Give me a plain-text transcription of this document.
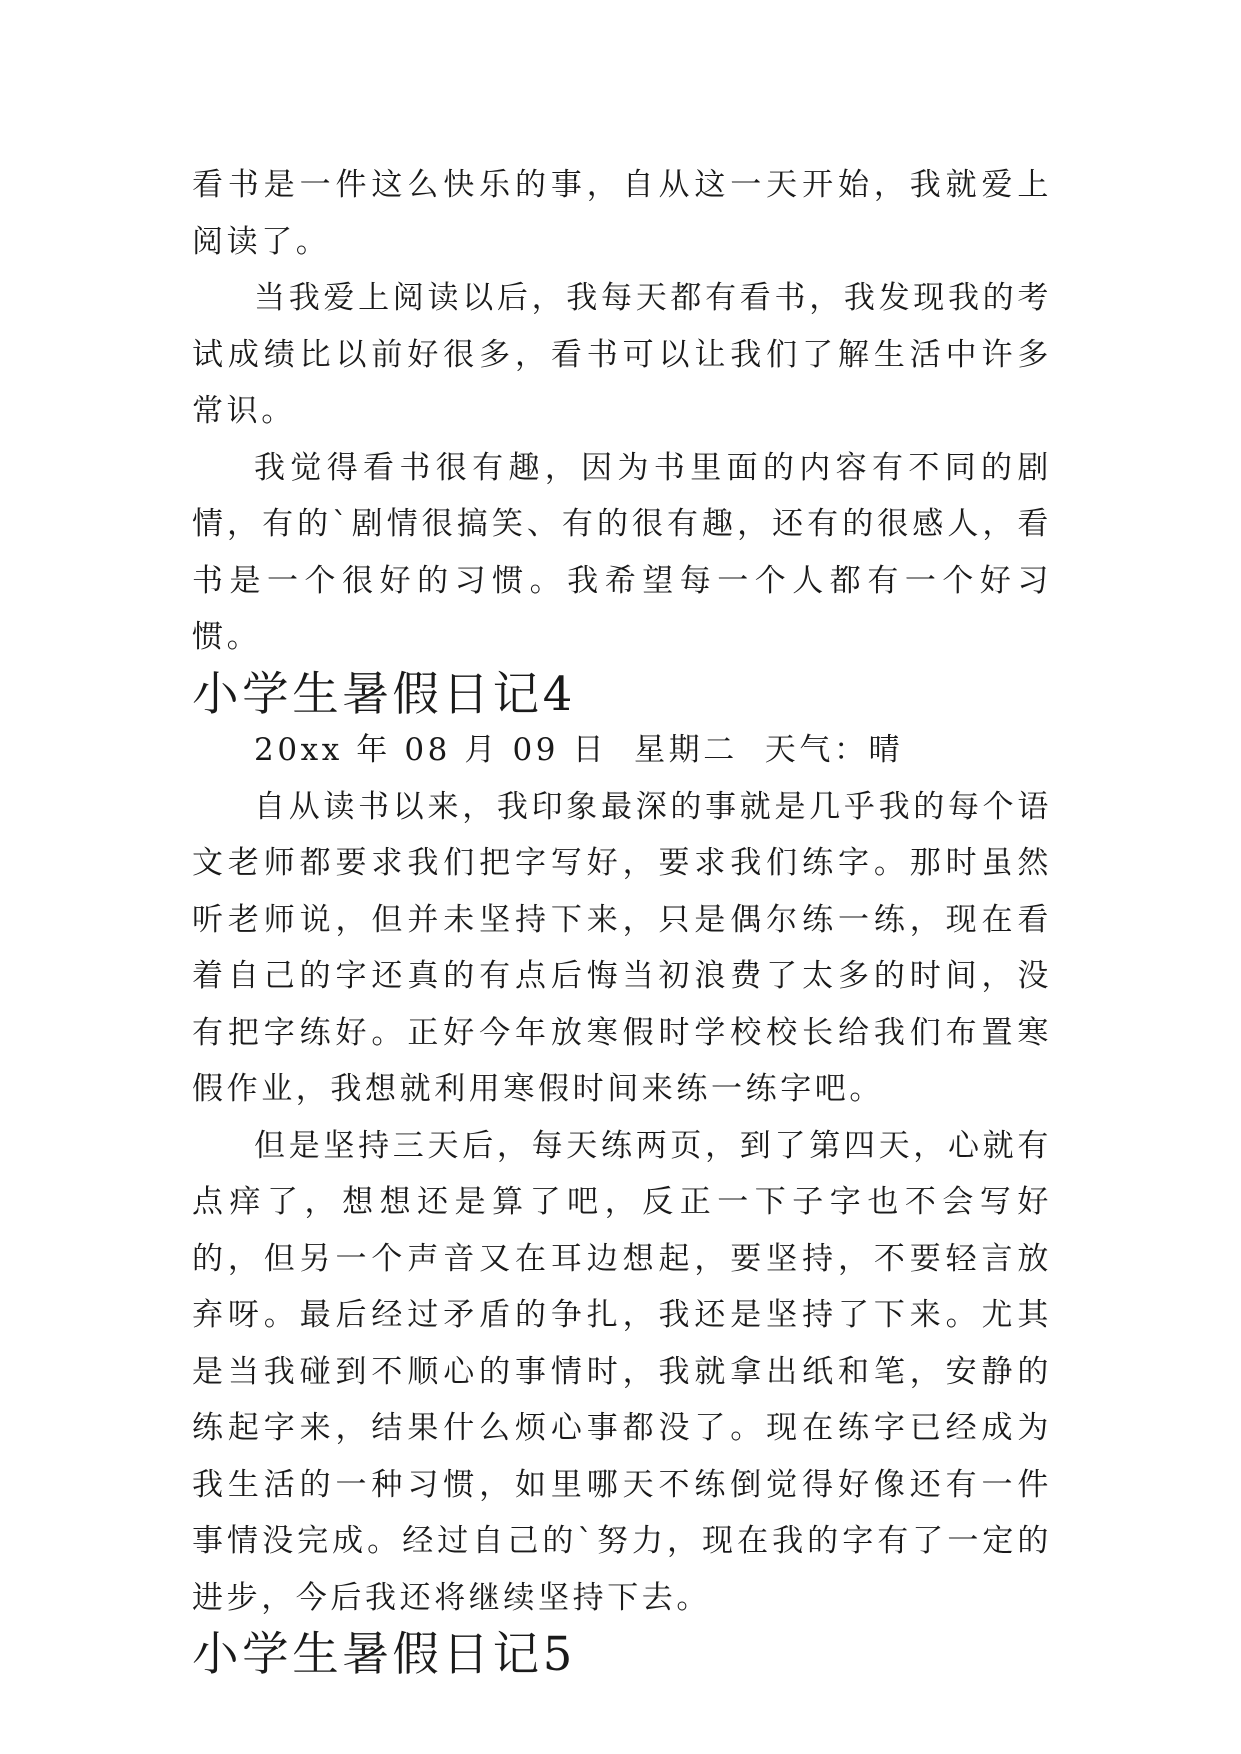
看书是一件这么快乐的事，自从这一天开始，我就爱上阅读了。

当我爱上阅读以后，我每天都有看书，我发现我的考试成绩比以前好很多，看书可以让我们了解生活中许多常识。

我觉得看书很有趣，因为书里面的内容有不同的剧情，有的`剧情很搞笑、有的很有趣，还有的很感人，看书是一个很好的习惯。我希望每一个人都有一个好习惯。

小学生暑假日记4

20xx 年 08 月 09 日  星期二  天气：晴

自从读书以来，我印象最深的事就是几乎我的每个语文老师都要求我们把字写好，要求我们练字。那时虽然听老师说，但并未坚持下来，只是偶尔练一练，现在看着自己的字还真的有点后悔当初浪费了太多的时间，没有把字练好。正好今年放寒假时学校校长给我们布置寒假作业，我想就利用寒假时间来练一练字吧。

但是坚持三天后，每天练两页，到了第四天，心就有点痒了，想想还是算了吧，反正一下子字也不会写好的，但另一个声音又在耳边想起，要坚持，不要轻言放弃呀。最后经过矛盾的争扎，我还是坚持了下来。尤其是当我碰到不顺心的事情时，我就拿出纸和笔，安静的练起字来，结果什么烦心事都没了。现在练字已经成为我生活的一种习惯，如里哪天不练倒觉得好像还有一件事情没完成。经过自己的`努力，现在我的字有了一定的进步，今后我还将继续坚持下去。

小学生暑假日记5
